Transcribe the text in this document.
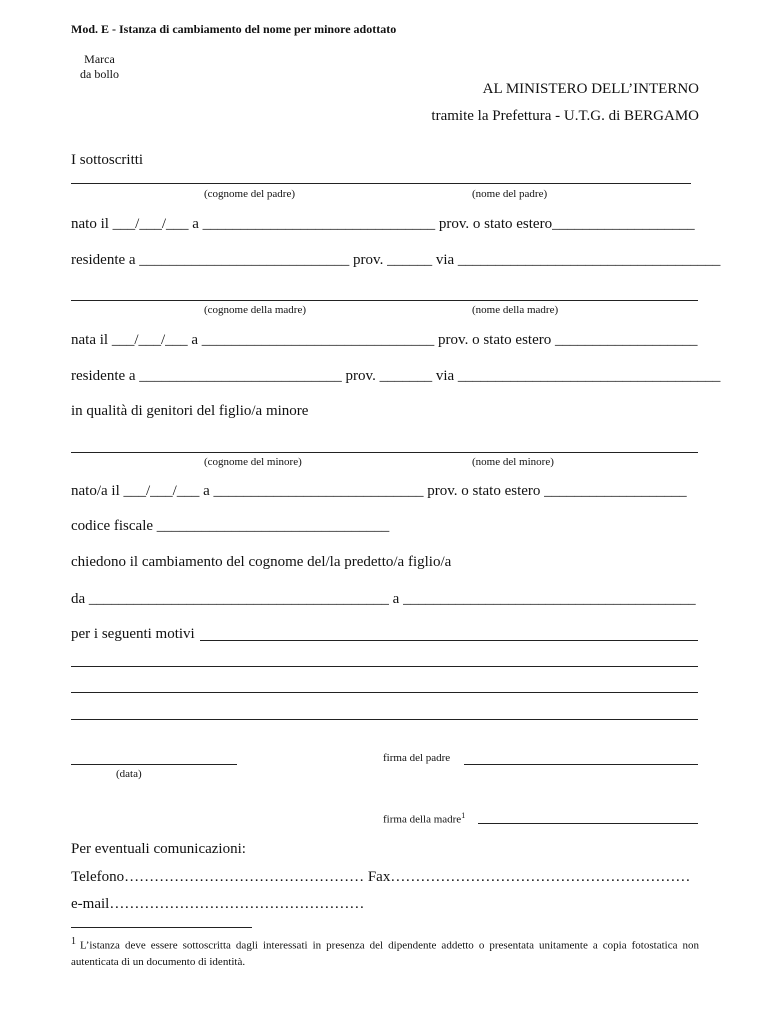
Mod. E - Istanza di cambiamento del nome per minore adottato
Marca
da bollo
AL MINISTERO DELL’INTERNO
tramite la Prefettura - U.T.G. di BERGAMO
I sottoscritti
(cognome del padre)	(nome del padre)
nato il ___/___/___ a _______________________________ prov. o stato estero___________________
residente a ____________________________ prov. ______ via ___________________________________
(cognome della madre)	(nome della madre)
nata il ___/___/___ a _______________________________ prov. o stato estero ___________________
residente a ___________________________ prov. _______ via ___________________________________
in qualità di genitori del figlio/a minore
(cognome del minore)	(nome del minore)
nato/a il ___/___/___ a ____________________________ prov. o stato estero ___________________
codice fiscale _______________________________
chiedono il cambiamento del cognome del/la predetto/a figlio/a
da ________________________________________ a _______________________________________
per i seguenti motivi
(data)
firma del padre
firma della madre$^1$
Per eventuali comunicazioni:
Telefono………………………………………… Fax……………………………………………………
e-mail……………………………………………
1 L’istanza deve essere sottoscritta dagli interessati in presenza del dipendente addetto o presentata unitamente a copia fotostatica non autenticata di un documento di identità.
